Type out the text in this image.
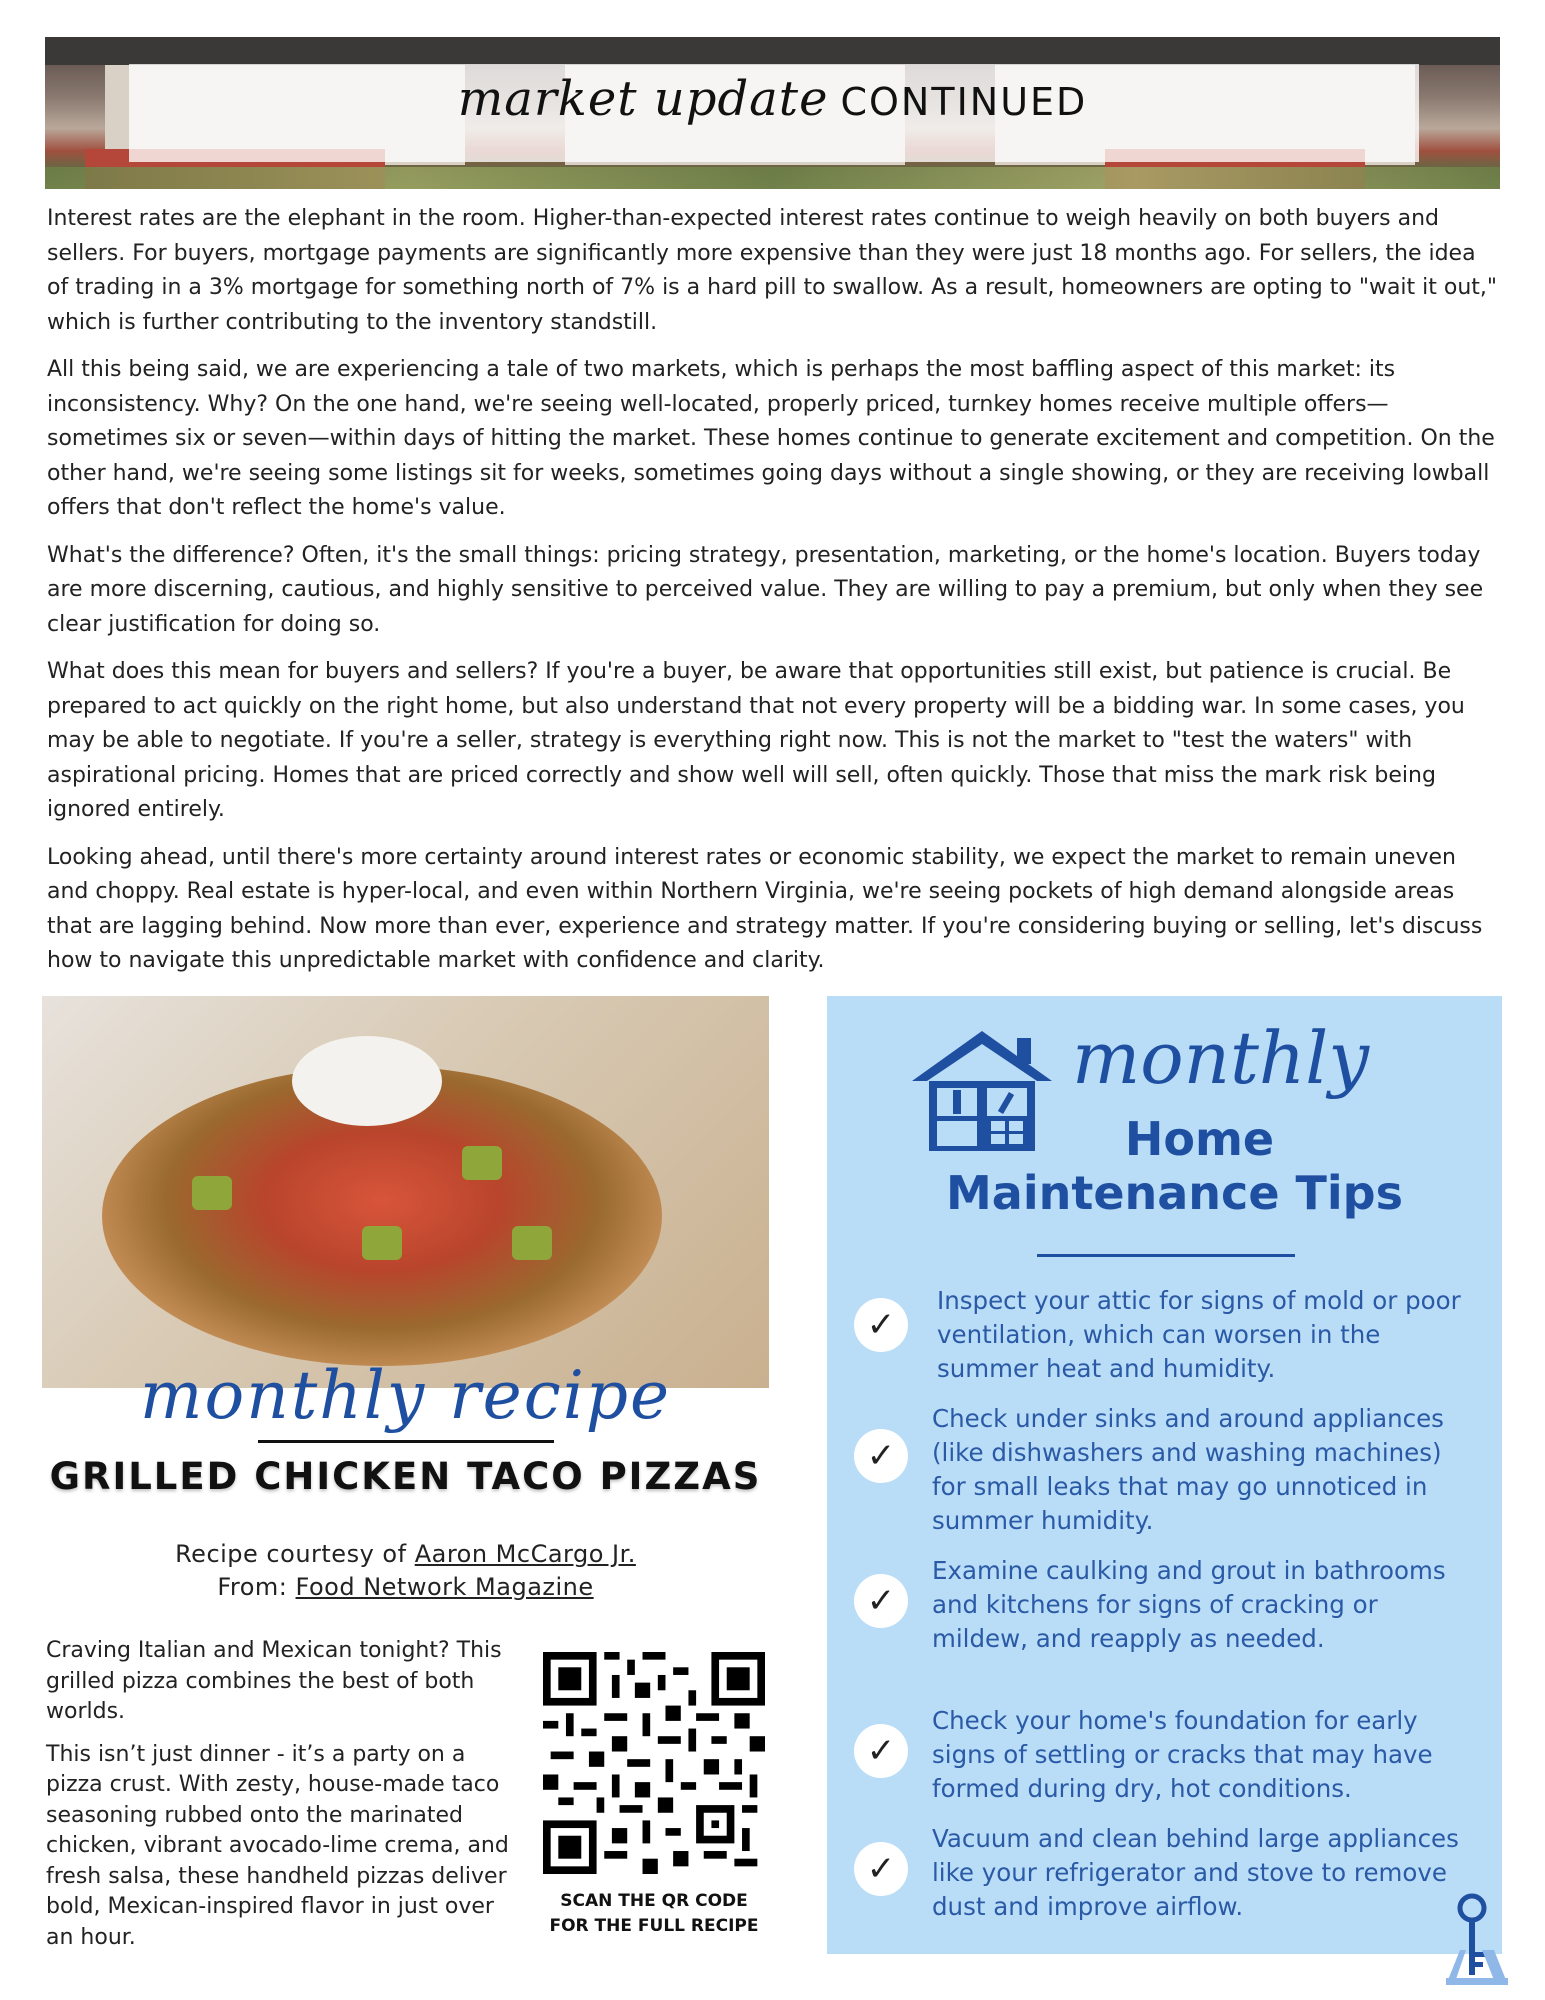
market update CONTINUED

Interest rates are the elephant in the room. Higher-than-expected interest rates continue to weigh heavily on both buyers and sellers. For buyers, mortgage payments are significantly more expensive than they were just 18 months ago. For sellers, the idea of trading in a 3% mortgage for something north of 7% is a hard pill to swallow. As a result, homeowners are opting to "wait it out," which is further contributing to the inventory standstill.

All this being said, we are experiencing a tale of two markets, which is perhaps the most baffling aspect of this market: its inconsistency. Why? On the one hand, we're seeing well-located, properly priced, turnkey homes receive multiple offers—sometimes six or seven—within days of hitting the market. These homes continue to generate excitement and competition. On the other hand, we're seeing some listings sit for weeks, sometimes going days without a single showing, or they are receiving lowball offers that don't reflect the home's value.

What's the difference? Often, it's the small things: pricing strategy, presentation, marketing, or the home's location. Buyers today are more discerning, cautious, and highly sensitive to perceived value. They are willing to pay a premium, but only when they see clear justification for doing so.

What does this mean for buyers and sellers? If you're a buyer, be aware that opportunities still exist, but patience is crucial. Be prepared to act quickly on the right home, but also understand that not every property will be a bidding war. In some cases, you may be able to negotiate. If you're a seller, strategy is everything right now. This is not the market to "test the waters" with aspirational pricing. Homes that are priced correctly and show well will sell, often quickly. Those that miss the mark risk being ignored entirely.

Looking ahead, until there's more certainty around interest rates or economic stability, we expect the market to remain uneven and choppy. Real estate is hyper-local, and even within Northern Virginia, we're seeing pockets of high demand alongside areas that are lagging behind. Now more than ever, experience and strategy matter. If you're considering buying or selling, let's discuss how to navigate this unpredictable market with confidence and clarity.

monthly recipe
GRILLED CHICKEN TACO PIZZAS
Recipe courtesy of Aaron McCargo Jr.
From: Food Network Magazine

Craving Italian and Mexican tonight? This grilled pizza combines the best of both worlds.

This isn’t just dinner - it’s a party on a pizza crust. With zesty, house-made taco seasoning rubbed onto the marinated chicken, vibrant avocado-lime crema, and fresh salsa, these handheld pizzas deliver bold, Mexican-inspired flavor in just over an hour.

SCAN THE QR CODE
FOR THE FULL RECIPE
monthly
Home
Maintenance Tips
✓
Inspect your attic for signs of mold or poor ventilation, which can worsen in the summer heat and humidity.
✓
Check under sinks and around appliances (like dishwashers and washing machines) for small leaks that may go unnoticed in summer humidity.
✓
Examine caulking and grout in bathrooms and kitchens for signs of cracking or mildew, and reapply as needed.
✓
Check your home's foundation for early signs of settling or cracks that may have formed during dry, hot conditions.
✓
Vacuum and clean behind large appliances like your refrigerator and stove to remove dust and improve airflow.
